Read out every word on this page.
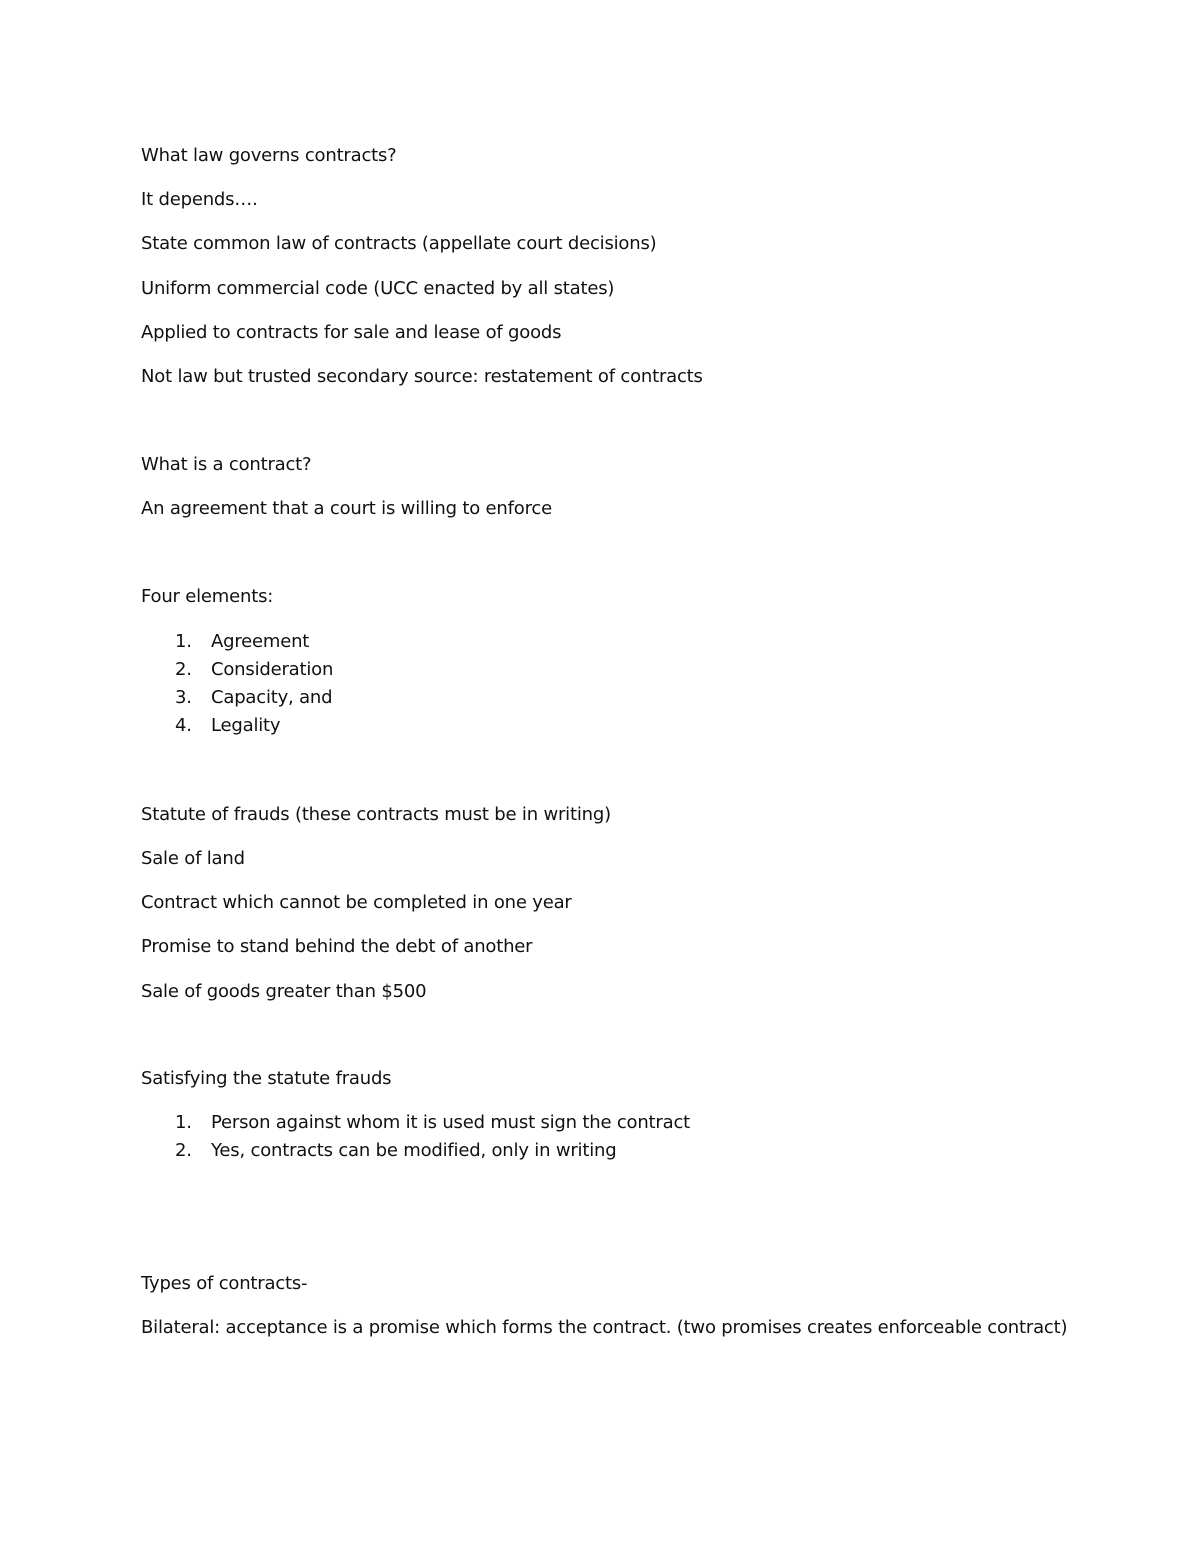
What law governs contracts?
It depends….
State common law of contracts (appellate court decisions)
Uniform commercial code (UCC enacted by all states)
Applied to contracts for sale and lease of goods
Not law but trusted secondary source: restatement of contracts
What is a contract?
An agreement that a court is willing to enforce
Four elements:
1. Agreement
2. Consideration
3. Capacity, and
4. Legality
Statute of frauds (these contracts must be in writing)
Sale of land
Contract which cannot be completed in one year
Promise to stand behind the debt of another
Sale of goods greater than $500
Satisfying the statute frauds
1. Person against whom it is used must sign the contract
2. Yes, contracts can be modified, only in writing
Types of contracts-
Bilateral: acceptance is a promise which forms the contract. (two promises creates enforceable contract)
